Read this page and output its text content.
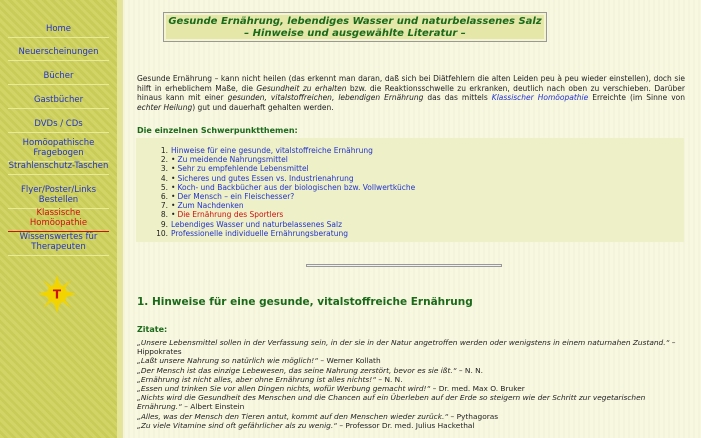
Home
Neuerscheinungen
Bücher
Gastbücher
DVDs / CDs
Homöopathische Fragebogen
Strahlenschutz-Taschen
Flyer/Poster/Links Bestellen
Klassische Homöopathie
Wissenswertes für Therapeuten
T
Gesunde Ernährung, lebendiges Wasser und naturbelassenes Salz
– Hinweise und ausgewählte Literatur –
Gesunde Ernährung – kann nicht heilen (das erkennt man daran, daß sich bei Diätfehlern die alten Leiden peu à peu wieder einstellen), doch sie hilft in erheblichem Maße, die Gesundheit zu erhalten bzw. die Reaktionsschwelle zu erkranken, deutlich nach oben zu verschieben. Darüber hinaus kann mit einer gesunden, vitalstoffreichen, lebendigen Ernährung das das mittels Klassischer Homöopathie Erreichte (im Sinne von echter Heilung) gut und dauerhaft gehalten werden.
Die einzelnen Schwerpunktthemen:
1. Hinweise für eine gesunde, vitalstoffreiche Ernährung
2. • Zu meidende Nahrungsmittel
3. • Sehr zu empfehlende Lebensmittel
4. • Sicheres und gutes Essen vs. Industrienahrung
5. • Koch- und Backbücher aus der biologischen bzw. Vollwertküche
6. • Der Mensch – ein Fleischesser?
7. • Zum Nachdenken
8. • Die Ernährung des Sportlers
9. Lebendiges Wasser und naturbelassenes Salz
10. Professionelle individuelle Ernährungsberatung
1. Hinweise für eine gesunde, vitalstoffreiche Ernährung
Zitate:
„Unsere Lebensmittel sollen in der Verfassung sein, in der sie in der Natur angetroffen werden oder wenigstens in einem naturnahen Zustand.“ – Hippokrates
„Laßt unsere Nahrung so natürlich wie möglich!“ – Werner Kollath
„Der Mensch ist das einzige Lebewesen, das seine Nahrung zerstört, bevor es sie ißt.“ – N. N.
„Ernährung ist nicht alles, aber ohne Ernährung ist alles nichts!“ – N. N.
„Essen und trinken Sie vor allen Dingen nichts, wofür Werbung gemacht wird!“ – Dr. med. Max O. Bruker
„Nichts wird die Gesundheit des Menschen und die Chancen auf ein Überleben auf der Erde so steigern wie der Schritt zur vegetarischen Ernährung.“ – Albert Einstein
„Alles, was der Mensch den Tieren antut, kommt auf den Menschen wieder zurück.“ – Pythagoras
„Zu viele Vitamine sind oft gefährlicher als zu wenig.“ – Professor Dr. med. Julius Hackethal
